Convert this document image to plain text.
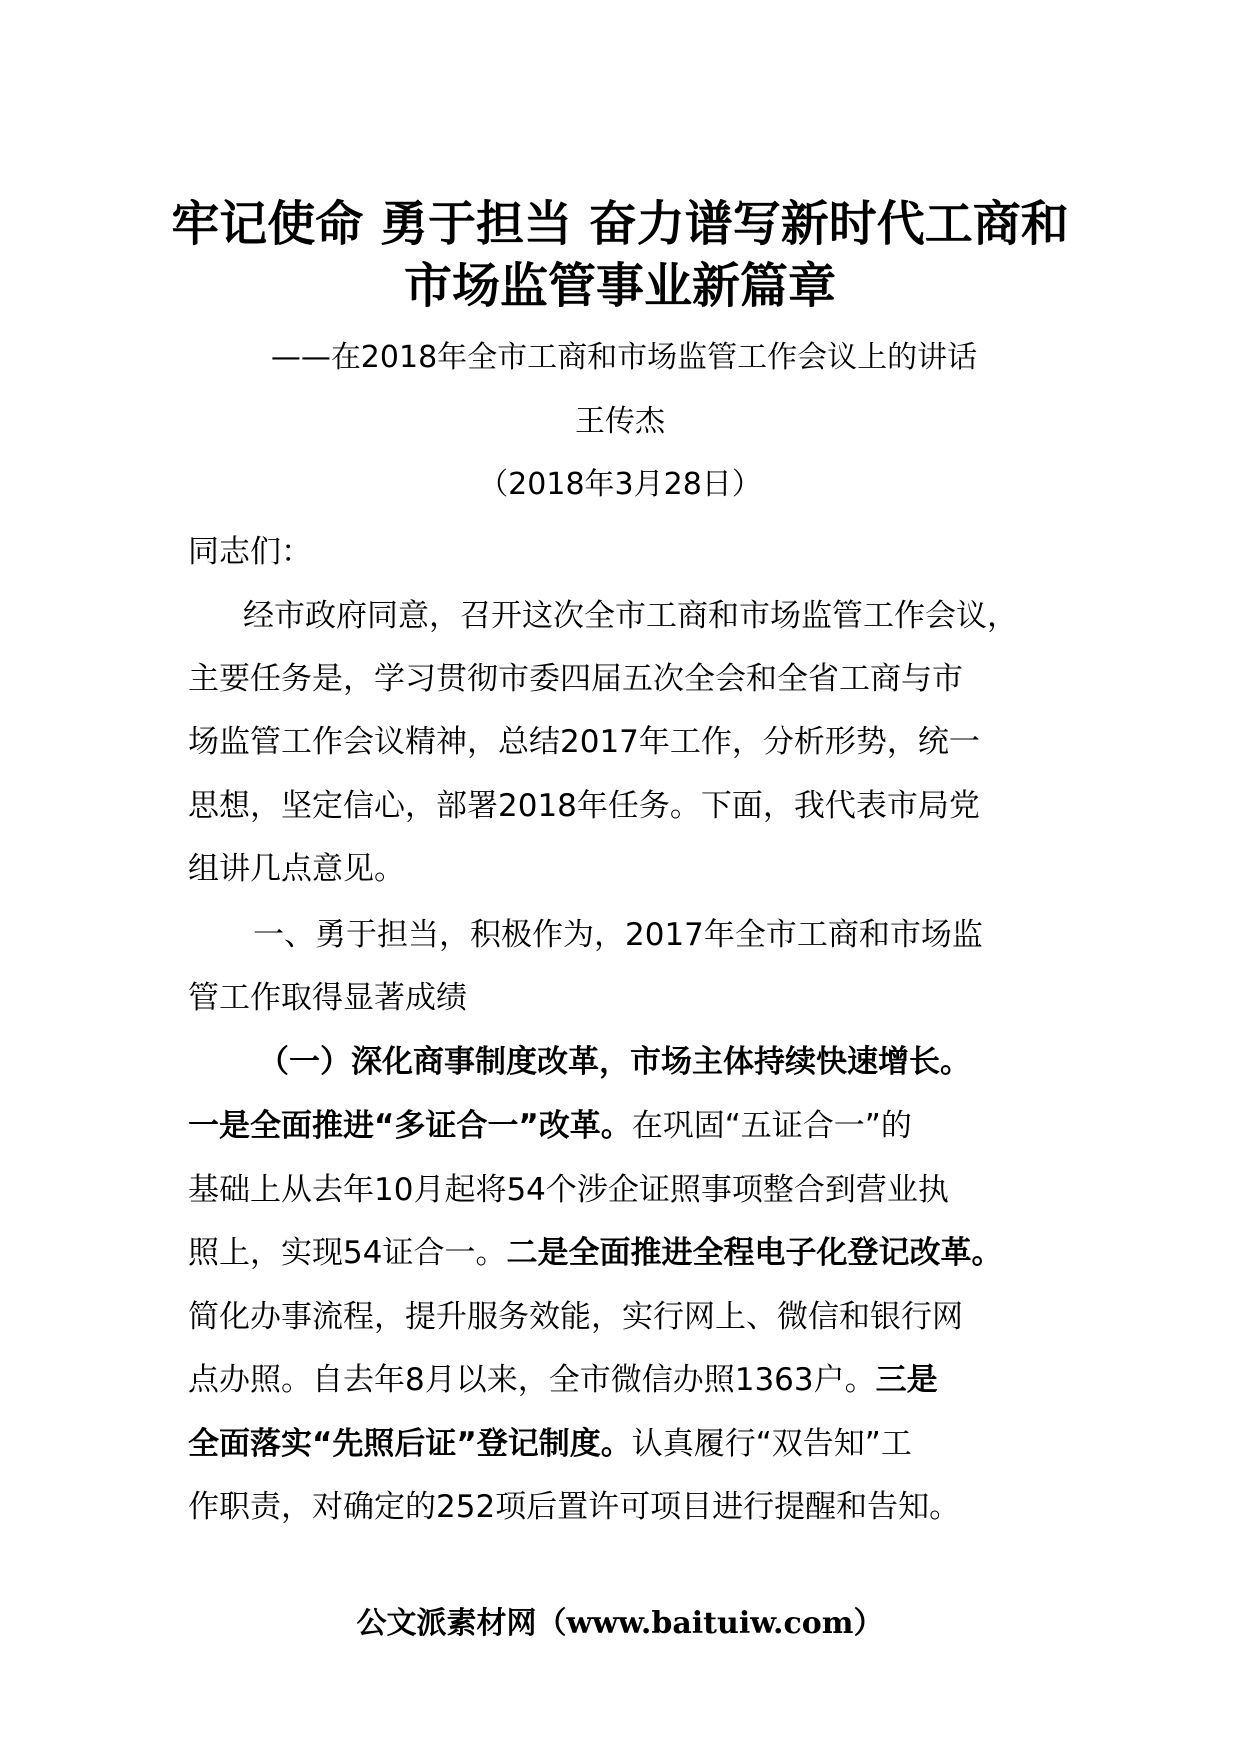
牢记使命 勇于担当 奋力谱写新时代工商和
市场监管事业新篇章
——在2018年全市工商和市场监管工作会议上的讲话
王传杰
（2018年3月28日）
同志们：
经市政府同意，召开这次全市工商和市场监管工作会议，
主要任务是，学习贯彻市委四届五次全会和全省工商与市
场监管工作会议精神，总结2017年工作，分析形势，统一
思想，坚定信心，部署2018年任务。下面，我代表市局党
组讲几点意见。
一、勇于担当，积极作为，2017年全市工商和市场监
管工作取得显著成绩
（一）深化商事制度改革，市场主体持续快速增长。
一是全面推进“多证合一”改革。在巩固“五证合一”的
基础上从去年10月起将54个涉企证照事项整合到营业执
照上，实现54证合一。二是全面推进全程电子化登记改革。
简化办事流程，提升服务效能，实行网上、微信和银行网
点办照。自去年8月以来，全市微信办照1363户。三是
全面落实“先照后证”登记制度。认真履行“双告知”工
作职责，对确定的252项后置许可项目进行提醒和告知。
公文派素材网（www.baituiw.com）
